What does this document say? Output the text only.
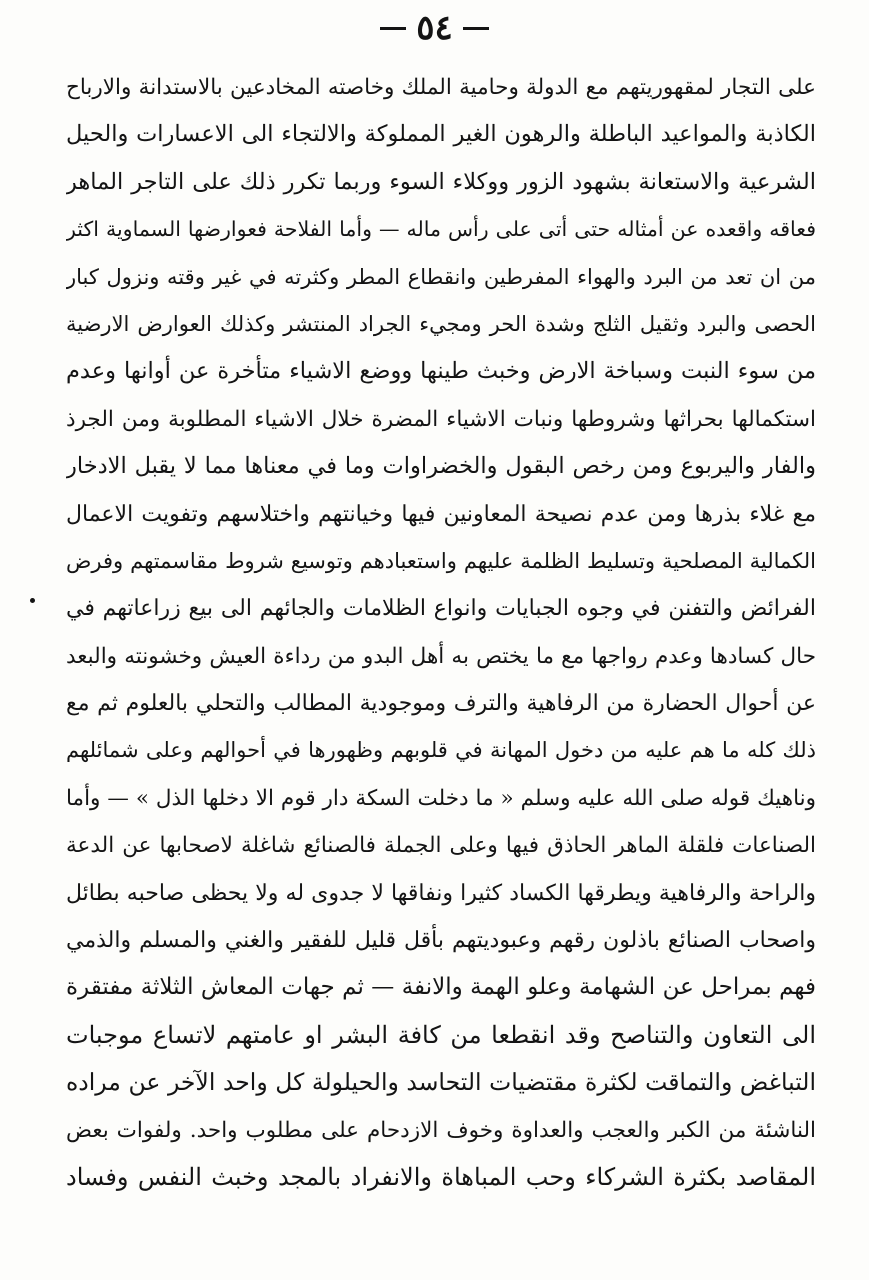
٥٤
على التجار لمقهوريتهم مع الدولة وحامية الملك وخاصته المخادعين بالاستدانة والارباح
الكاذبة والمواعيد الباطلة والرهون الغير المملوكة والالتجاء الى الاعسارات والحيل
الشرعية والاستعانة بشهود الزور ووكلاء السوء وربما تكرر ذلك على التاجر الماهر
فعاقه واقعده عن أمثاله حتى أتى على رأس ماله — وأما الفلاحة فعوارضها السماوية اكثر
من ان تعد من البرد والهواء المفرطين وانقطاع المطر وكثرته في غير وقته ونزول كبار
الحصى والبرد وثقيل الثلج وشدة الحر ومجيء الجراد المنتشر وكذلك العوارض الارضية
من سوء النبت وسباخة الارض وخبث طينها ووضع الاشياء متأخرة عن أوانها وعدم
استكمالها بحراثها وشروطها ونبات الاشياء المضرة خلال الاشياء المطلوبة ومن الجرذ
والفار واليربوع ومن رخص البقول والخضراوات وما في معناها مما لا يقبل الادخار
مع غلاء بذرها ومن عدم نصيحة المعاونين فيها وخيانتهم واختلاسهم وتفويت الاعمال
الكمالية المصلحية وتسليط الظلمة عليهم واستعبادهم وتوسيع شروط مقاسمتهم وفرض
الفرائض والتفنن في وجوه الجبايات وانواع الظلامات والجائهم الى بيع زراعاتهم في
حال كسادها وعدم رواجها مع ما يختص به أهل البدو من رداءة العيش وخشونته والبعد
عن أحوال الحضارة من الرفاهية والترف وموجودية المطالب والتحلي بالعلوم ثم مع
ذلك كله ما هم عليه من دخول المهانة في قلوبهم وظهورها في أحوالهم وعلى شمائلهم
وناهيك قوله صلى الله عليه وسلم « ما دخلت السكة دار قوم الا دخلها الذل » — وأما
الصناعات فلقلة الماهر الحاذق فيها وعلى الجملة فالصنائع شاغلة لاصحابها عن الدعة
والراحة والرفاهية ويطرقها الكساد كثيرا ونفاقها لا جدوى له ولا يحظى صاحبه بطائل
واصحاب الصنائع باذلون رقهم وعبوديتهم بأقل قليل للفقير والغني والمسلم والذمي
فهم بمراحل عن الشهامة وعلو الهمة والانفة — ثم جهات المعاش الثلاثة مفتقرة
الى التعاون والتناصح وقد انقطعا من كافة البشر او عامتهم لاتساع موجبات
التباغض والتماقت لكثرة مقتضيات التحاسد والحيلولة كل واحد الآخر عن مراده
الناشئة من الكبر والعجب والعداوة وخوف الازدحام على مطلوب واحد. ولفوات بعض
المقاصد بكثرة الشركاء وحب المباهاة والانفراد بالمجد وخبث النفس وفساد
